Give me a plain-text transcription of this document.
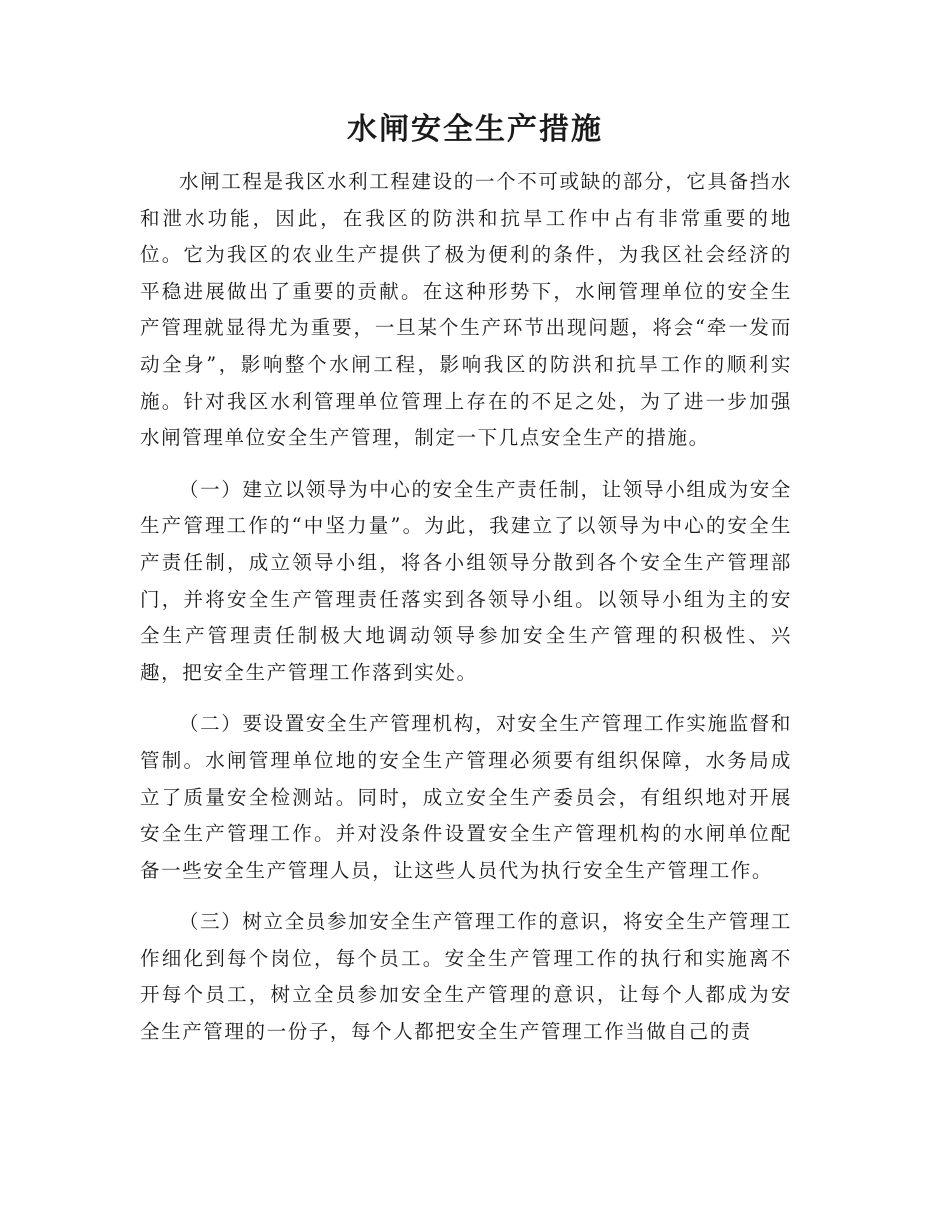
水闸安全生产措施

水闸工程是我区水利工程建设的一个不可或缺的部分，它具备挡水和泄水功能，因此，在我区的防洪和抗旱工作中占有非常重要的地位。它为我区的农业生产提供了极为便利的条件，为我区社会经济的平稳进展做出了重要的贡献。在这种形势下，水闸管理单位的安全生产管理就显得尤为重要，一旦某个生产环节出现问题，将会“牵一发而动全身”，影响整个水闸工程，影响我区的防洪和抗旱工作的顺利实施。针对我区水利管理单位管理上存在的不足之处，为了进一步加强水闸管理单位安全生产管理，制定一下几点安全生产的措施。

（一）建立以领导为中心的安全生产责任制，让领导小组成为安全生产管理工作的“中坚力量”。为此，我建立了以领导为中心的安全生产责任制，成立领导小组，将各小组领导分散到各个安全生产管理部门，并将安全生产管理责任落实到各领导小组。以领导小组为主的安全生产管理责任制极大地调动领导参加安全生产管理的积极性、兴趣，把安全生产管理工作落到实处。

（二）要设置安全生产管理机构，对安全生产管理工作实施监督和管制。水闸管理单位地的安全生产管理必须要有组织保障，水务局成立了质量安全检测站。同时，成立安全生产委员会，有组织地对开展安全生产管理工作。并对没条件设置安全生产管理机构的水闸单位配备一些安全生产管理人员，让这些人员代为执行安全生产管理工作。

（三）树立全员参加安全生产管理工作的意识，将安全生产管理工作细化到每个岗位，每个员工。安全生产管理工作的执行和实施离不开每个员工，树立全员参加安全生产管理的意识，让每个人都成为安全生产管理的一份子，每个人都把安全生产管理工作当做自己的责
